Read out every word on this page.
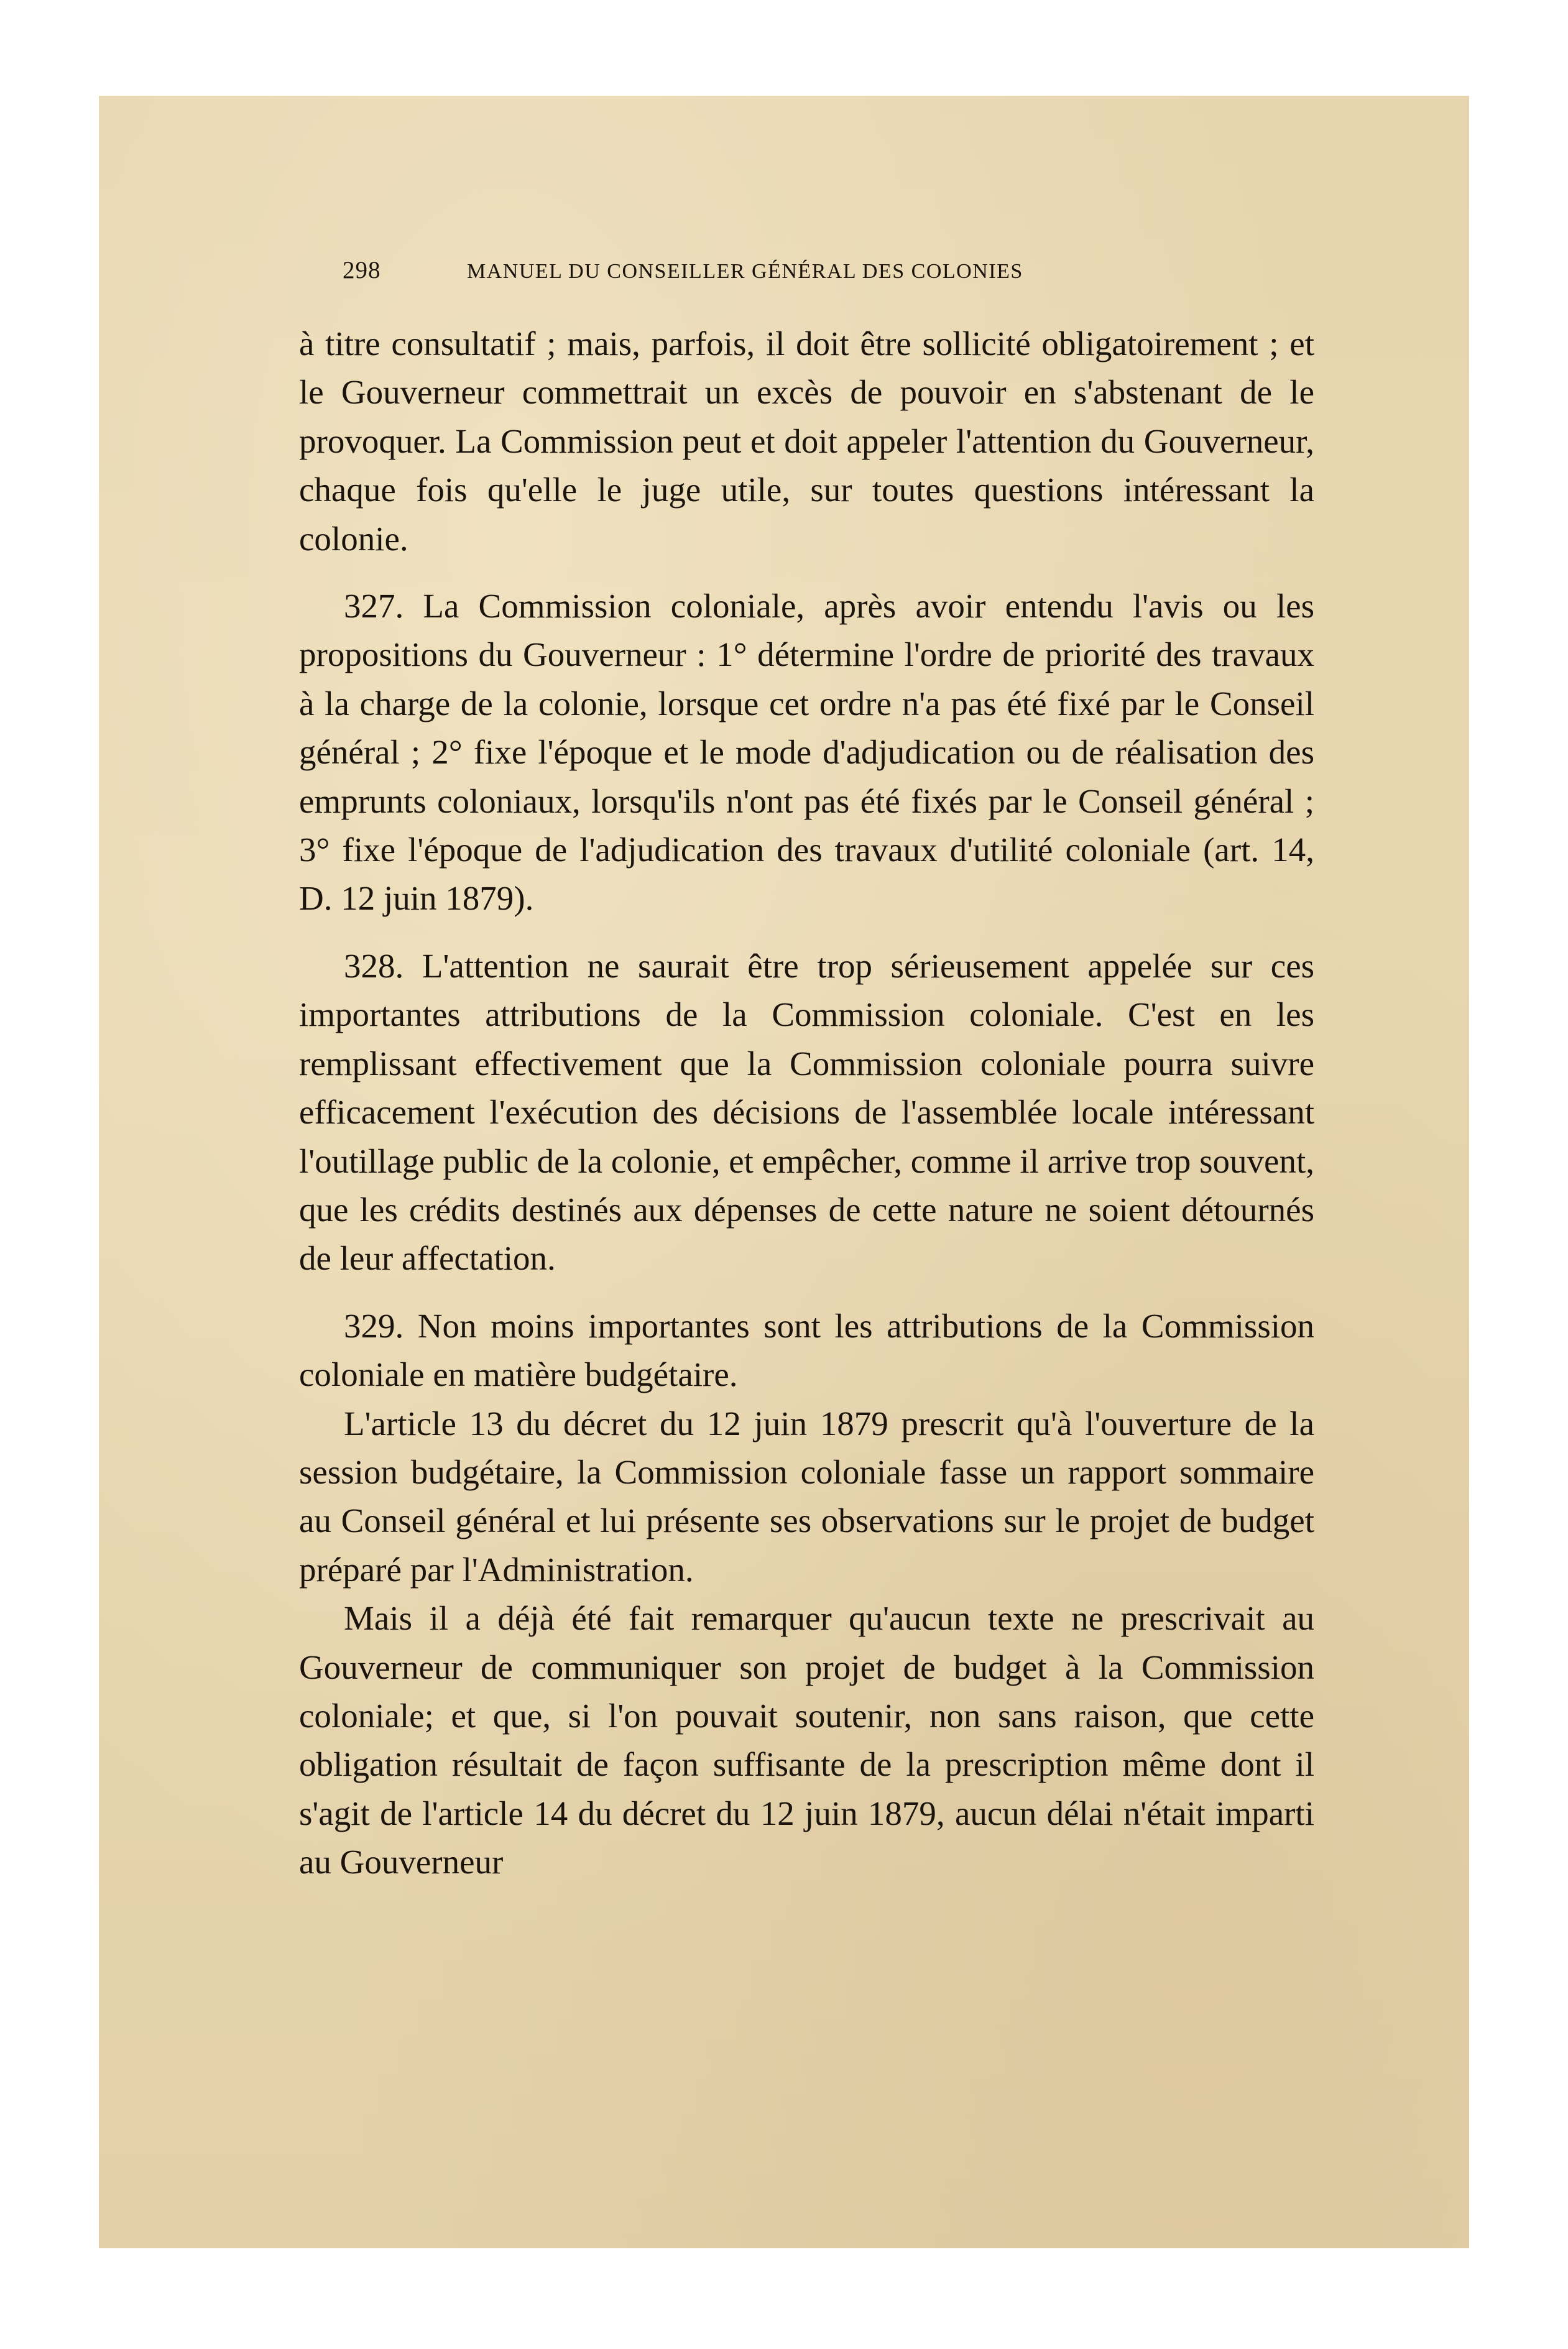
298	MANUEL DU CONSEILLER GÉNÉRAL DES COLONIES

à titre consultatif ; mais, parfois, il doit être sollicité obligatoirement ; et le Gouverneur commettrait un excès de pouvoir en s'abstenant de le provoquer. La Commission peut et doit appeler l'attention du Gouverneur, chaque fois qu'elle le juge utile, sur toutes questions intéressant la colonie.

327. La Commission coloniale, après avoir entendu l'avis ou les propositions du Gouverneur : 1° détermine l'ordre de priorité des travaux à la charge de la colonie, lorsque cet ordre n'a pas été fixé par le Conseil général ; 2° fixe l'époque et le mode d'adjudication ou de réalisation des emprunts coloniaux, lorsqu'ils n'ont pas été fixés par le Conseil général ; 3° fixe l'époque de l'adjudication des travaux d'utilité coloniale (art. 14, D. 12 juin 1879).

328. L'attention ne saurait être trop sérieusement appelée sur ces importantes attributions de la Commission coloniale. C'est en les remplissant effectivement que la Commission coloniale pourra suivre efficacement l'exécution des décisions de l'assemblée locale intéressant l'outillage public de la colonie, et empêcher, comme il arrive trop souvent, que les crédits destinés aux dépenses de cette nature ne soient détournés de leur affectation.

329. Non moins importantes sont les attributions de la Commission coloniale en matière budgétaire.

L'article 13 du décret du 12 juin 1879 prescrit qu'à l'ouverture de la session budgétaire, la Commission coloniale fasse un rapport sommaire au Conseil général et lui présente ses observations sur le projet de budget préparé par l'Administration.

Mais il a déjà été fait remarquer qu'aucun texte ne prescrivait au Gouverneur de communiquer son projet de budget à la Commission coloniale; et que, si l'on pouvait soutenir, non sans raison, que cette obligation résultait de façon suffisante de la prescription même dont il s'agit de l'article 14 du décret du 12 juin 1879, aucun délai n'était imparti au Gouverneur
